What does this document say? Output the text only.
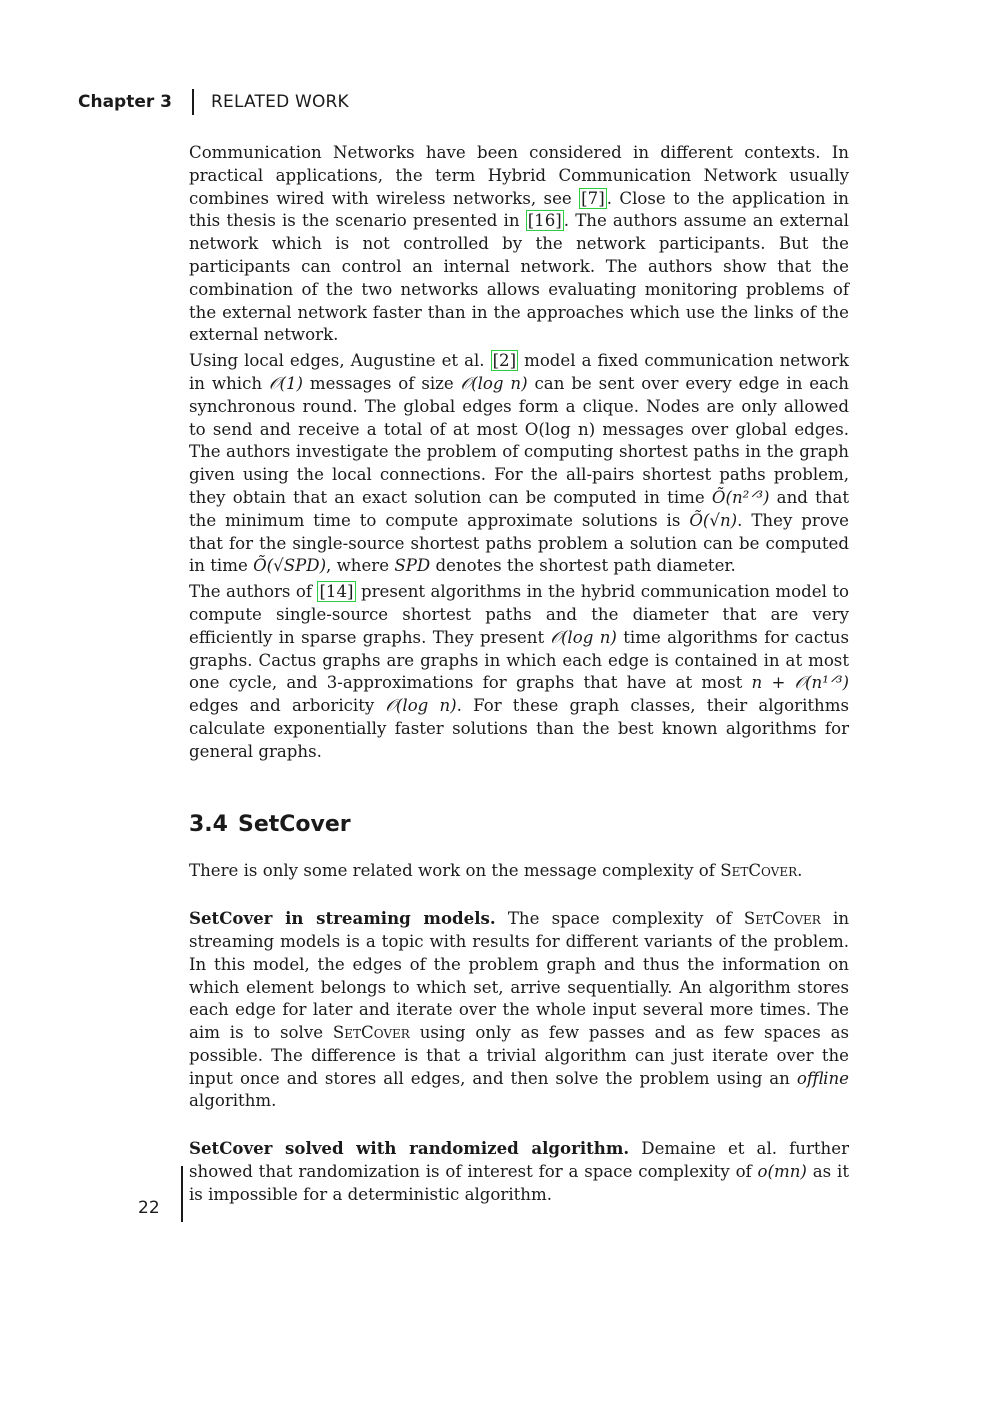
Chapter 3 RELATED WORK

Communication Networks have been considered in different contexts. In practical applications, the term Hybrid Communication Network usually combines wired with wireless networks, see [7] . Close to the application in this thesis is the scenario presented in [16] . The authors assume an external network which is not controlled by the network participants. But the participants can control an internal network. The authors show that the combination of the two networks allows evaluating monitoring problems of the external network faster than in the approaches which use the links of the external network.

Using local edges, Augustine et al. [2] model a fixed communication network in which 𝒪(1) messages of size 𝒪(log n) can be sent over every edge in each synchronous round. The global edges form a clique. Nodes are only allowed to send and receive a total of at most O(log n) messages over global edges. The authors investigate the problem of computing shortest paths in the graph given using the local connections. For the all-pairs shortest paths problem, they obtain that an exact solution can be computed in time Õ(n²ᐟ³) and that the minimum time to compute approximate solutions is Õ(√n). They prove that for the single-source shortest paths problem a solution can be computed in time Õ(√SPD), where SPD denotes the shortest path diameter.

The authors of [14] present algorithms in the hybrid communication model to compute single-source shortest paths and the diameter that are very efficiently in sparse graphs. They present 𝒪(log n) time algorithms for cactus graphs. Cactus graphs are graphs in which each edge is contained in at most one cycle, and 3-approximations for graphs that have at most n + 𝒪(n¹ᐟ³) edges and arboricity 𝒪(log n). For these graph classes, their algorithms calculate exponentially faster solutions than the best known algorithms for general graphs.

3.4 SetCover

There is only some related work on the message complexity of SetCover.

SetCover in streaming models. The space complexity of SetCover in streaming models is a topic with results for different variants of the problem. In this model, the edges of the problem graph and thus the information on which element belongs to which set, arrive sequentially. An algorithm stores each edge for later and iterate over the whole input several more times. The aim is to solve SetCover using only as few passes and as few spaces as possible. The difference is that a trivial algorithm can just iterate over the input once and stores all edges, and then solve the problem using an offline algorithm.

SetCover solved with randomized algorithm. Demaine et al. further showed that randomization is of interest for a space complexity of o(mn) as it is impossible for a deterministic algorithm.

22
